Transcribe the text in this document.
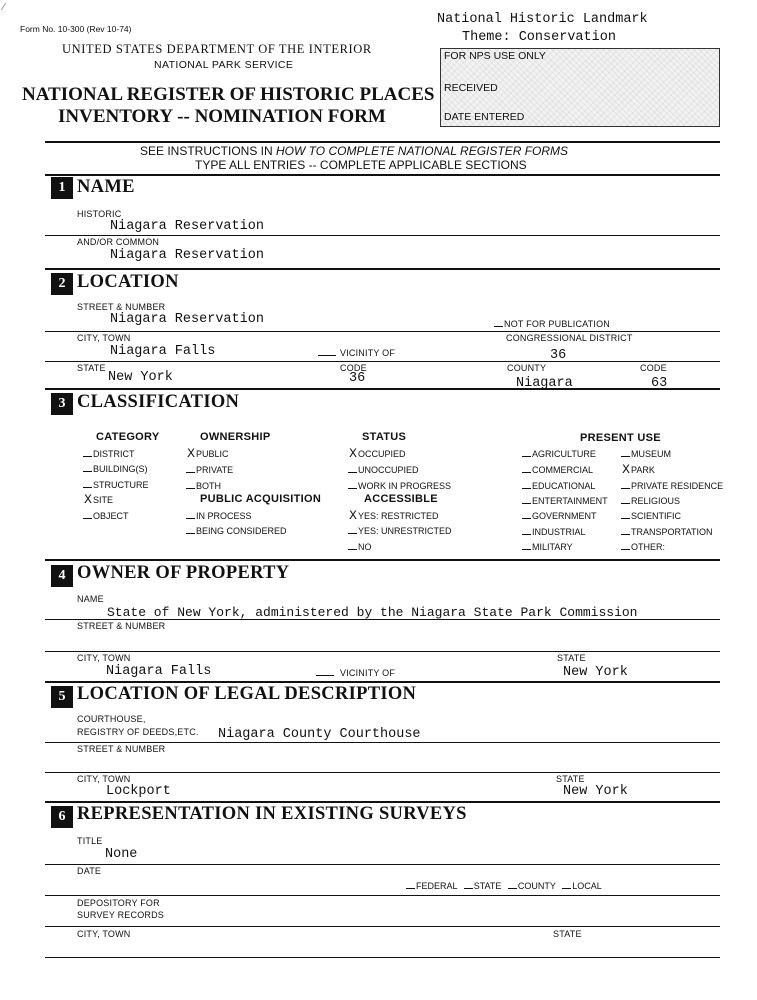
⁄
Form No. 10-300 (Rev 10-74)
UNITED STATES DEPARTMENT OF THE INTERIOR
NATIONAL PARK SERVICE
NATIONAL REGISTER OF HISTORIC PLACES
INVENTORY -- NOMINATION FORM
National Historic Landmark
Theme: Conservation
FOR NPS USE ONLY
RECEIVED
DATE ENTERED
SEE INSTRUCTIONS IN HOW TO COMPLETE NATIONAL REGISTER FORMS
TYPE ALL ENTRIES -- COMPLETE APPLICABLE SECTIONS
1 NAME
HISTORIC
Niagara Reservation
AND/OR COMMON
Niagara Reservation
2 LOCATION
STREET & NUMBER
Niagara Reservation	NOT FOR PUBLICATION
CITY, TOWN	CONGRESSIONAL DISTRICT
Niagara Falls	VICINITY OF	36
STATE	CODE	COUNTY	CODE
New York	36	Niagara	63
3 CLASSIFICATION
CATEGORY
DISTRICT
BUILDING(S)
STRUCTURE
XSITE
OBJECT
OWNERSHIP
XPUBLIC
PRIVATE
BOTH
PUBLIC ACQUISITION
IN PROCESS
BEING CONSIDERED
STATUS
XOCCUPIED
UNOCCUPIED
WORK IN PROGRESS
ACCESSIBLE
XYES: RESTRICTED
YES: UNRESTRICTED
NO
PRESENT USE
AGRICULTURE
COMMERCIAL
EDUCATIONAL
ENTERTAINMENT
GOVERNMENT
INDUSTRIAL
MILITARY
MUSEUM
XPARK
PRIVATE RESIDENCE
RELIGIOUS
SCIENTIFIC
TRANSPORTATION
OTHER:
4 OWNER OF PROPERTY
NAME
State of New York, administered by the Niagara State Park Commission
STREET & NUMBER
CITY, TOWN	STATE
Niagara Falls	VICINITY OF	New York
5 LOCATION OF LEGAL DESCRIPTION
COURTHOUSE,
REGISTRY OF DEEDS,ETC. Niagara County Courthouse
STREET & NUMBER
CITY, TOWN	STATE
Lockport	New York
6 REPRESENTATION IN EXISTING SURVEYS
TITLE
None
DATE
FEDERAL STATE COUNTY LOCAL
DEPOSITORY FOR
SURVEY RECORDS
CITY, TOWN	STATE
